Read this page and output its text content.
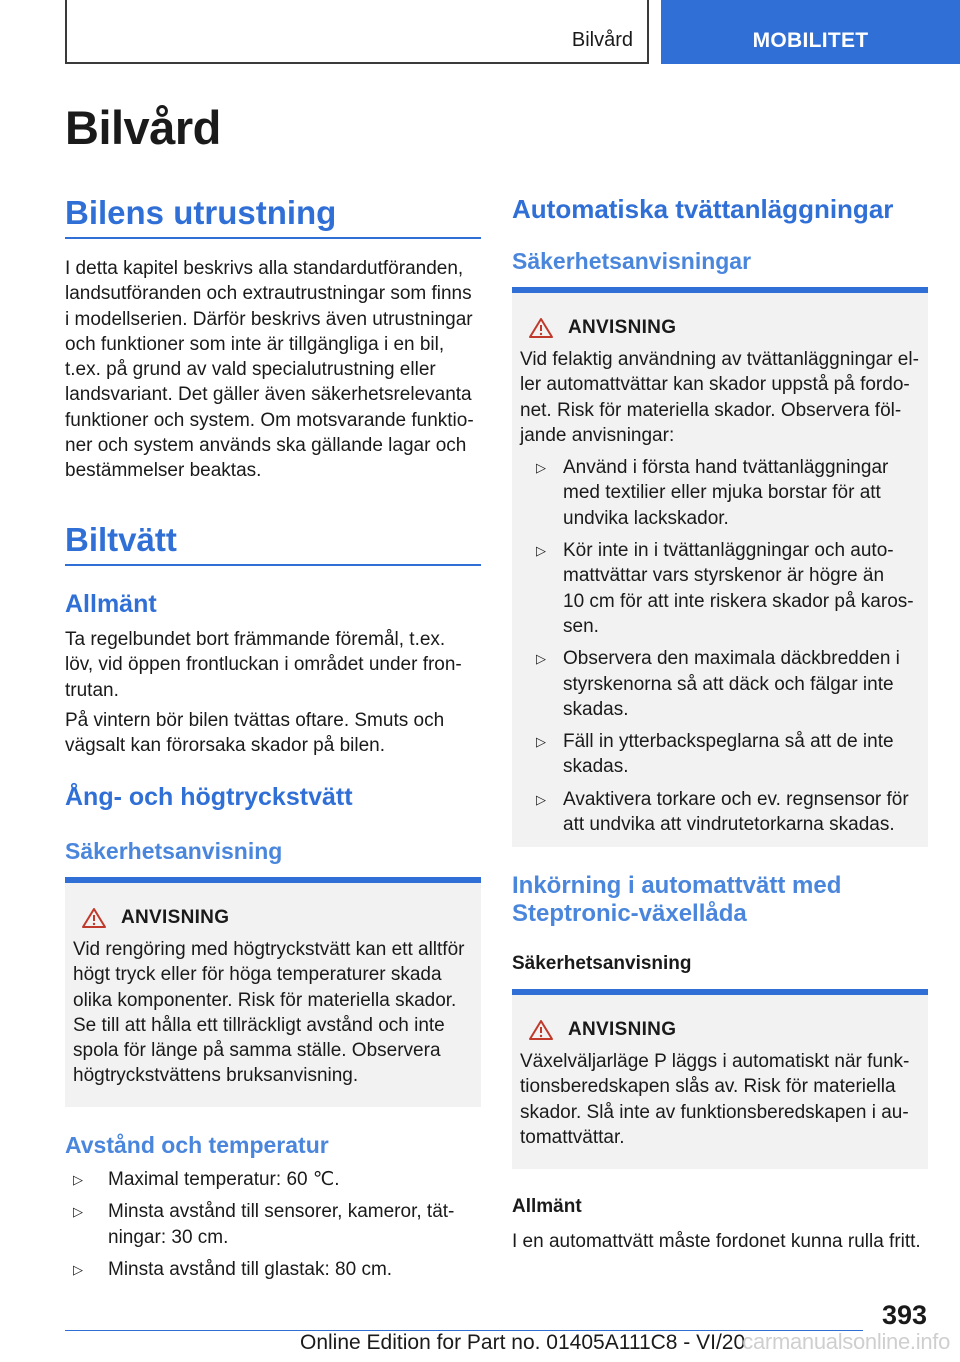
Bilvård	MOBILITET
Bilvård
Bilens utrustning
I detta kapitel beskrivs alla standardutföranden,
landsutföranden och extrautrustningar som finns
i modellserien. Därför beskrivs även utrustningar
och funktioner som inte är tillgängliga i en bil,
t.ex. på grund av vald specialutrustning eller
landsvariant. Det gäller även säkerhetsrelevanta
funktioner och system. Om motsvarande funktio‐
ner och system används ska gällande lagar och
bestämmelser beaktas.
Biltvätt
Allmänt
Ta regelbundet bort främmande föremål, t.ex.
löv, vid öppen frontluckan i området under fron‐
trutan.
På vintern bör bilen tvättas oftare. Smuts och
vägsalt kan förorsaka skador på bilen.
Ång- och högtryckstvätt
Säkerhetsanvisning
ANVISNING
Vid rengöring med högtryckstvätt kan ett alltför
högt tryck eller för höga temperaturer skada
olika komponenter. Risk för materiella skador.
Se till att hålla ett tillräckligt avstånd och inte
spola för länge på samma ställe. Observera
högtryckstvättens bruksanvisning.
Avstånd och temperatur
▷ Maximal temperatur: 60 ℃.
▷ Minsta avstånd till sensorer, kameror, tät‐
ningar: 30 cm.
▷ Minsta avstånd till glastak: 80 cm.
Automatiska tvättanläggningar
Säkerhetsanvisningar
ANVISNING
Vid felaktig användning av tvättanläggningar el‐
ler automattvättar kan skador uppstå på fordo‐
net. Risk för materiella skador. Observera föl‐
jande anvisningar:
▷ Använd i första hand tvättanläggningar
med textilier eller mjuka borstar för att
undvika lackskador.
▷ Kör inte in i tvättanläggningar och auto‐
mattvättar vars styrskenor är högre än
10 cm för att inte riskera skador på karos‐
sen.
▷ Observera den maximala däckbredden i
styrskenorna så att däck och fälgar inte
skadas.
▷ Fäll in ytterbackspeglarna så att de inte
skadas.
▷ Avaktivera torkare och ev. regnsensor för
att undvika att vindrutetorkarna skadas.
Inkörning i automattvätt med
Steptronic-växellåda
Säkerhetsanvisning
ANVISNING
Växelväljarläge P läggs i automatiskt när funk‐
tionsberedskapen slås av. Risk för materiella
skador. Slå inte av funktionsberedskapen i au‐
tomattvättar.
Allmänt
I en automattvätt måste fordonet kunna rulla fritt.
393
Online Edition for Part no. 01405A111C8 - VI/20
carmanualsonline.info
